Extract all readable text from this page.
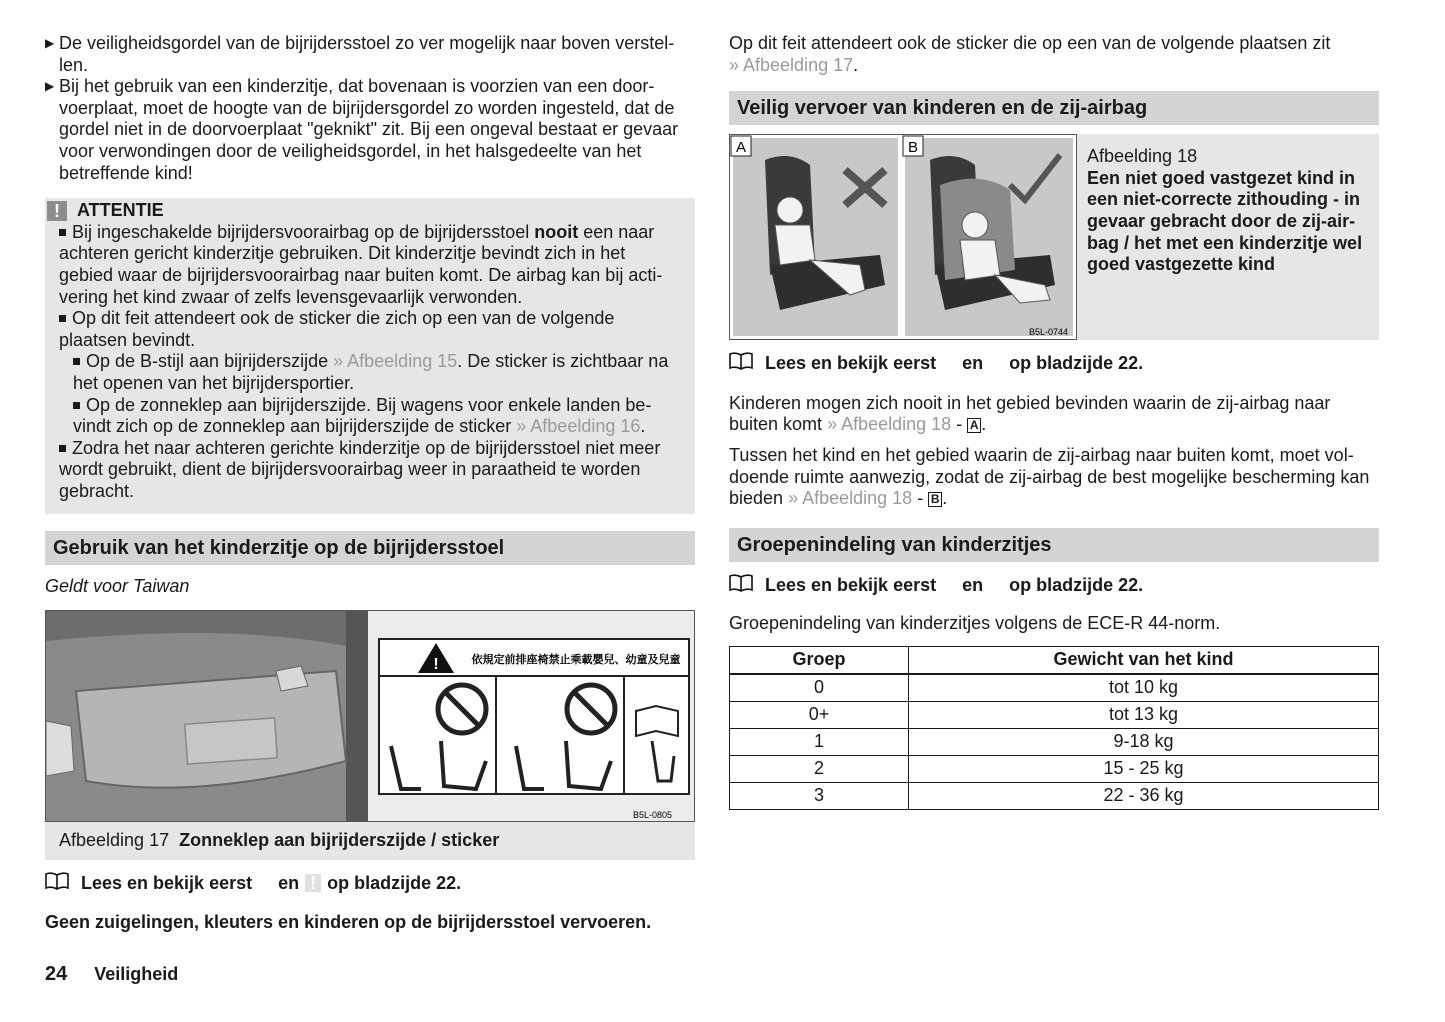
▶ De veiligheidsgordel van de bijrijdersstoel zo ver mogelijk naar boven verstel-len.

▶ Bij het gebruik van een kinderzitje, dat bovenaan is voorzien van een door-voerplaat, moet de hoogte van de bijrijdersgordel zo worden ingesteld, dat de gordel niet in de doorvoerplaat "geknikt" zit. Bij een ongeval bestaat er gevaar voor verwondingen door de veiligheidsgordel, in het halsgedeelte van het betreffende kind!

! ATTENTIE

Bij ingeschakelde bijrijdersvoorairbag op de bijrijdersstoel nooit een naar achteren gericht kinderzitje gebruiken. Dit kinderzitje bevindt zich in het gebied waar de bijrijdersvoorairbag naar buiten komt. De airbag kan bij acti-vering het kind zwaar of zelfs levensgevaarlijk verwonden.

Op dit feit attendeert ook de sticker die zich op een van de volgende plaatsen bevindt.

Op de B-stijl aan bijrijderszijde » Afbeelding 15. De sticker is zichtbaar na het openen van het bijrijdersportier.

Op de zonneklep aan bijrijderszijde. Bij wagens voor enkele landen be-vindt zich op de zonneklep aan bijrijderszijde de sticker » Afbeelding 16.

Zodra het naar achteren gerichte kinderzitje op de bijrijdersstoel niet meer wordt gebruikt, dient de bijrijdersvoorairbag weer in paraatheid te worden gebracht.

Gebruik van het kinderzitje op de bijrijdersstoel

Geldt voor Taiwan

!	依規定前排座椅禁止乘載嬰兒、幼童及兒童
B5L-0805
Afbeelding 17 Zonneklep aan bijrijderszijde / sticker
Lees en bekijk eerst en ! op bladzijde 22.

Geen zuigelingen, kleuters en kinderen op de bijrijdersstoel vervoeren.

Op dit feit attendeert ook de sticker die op een van de volgende plaatsen zit
» Afbeelding 17.

Veilig vervoer van kinderen en de zij-airbag
A	B
B5L-0744

Afbeelding 18

Een niet goed vastgezet kind in een niet-correcte zithouding - in gevaar gebracht door de zij-air-bag / het met een kinderzitje wel goed vastgezette kind

Lees en bekijk eerst en op bladzijde 22.

Kinderen mogen zich nooit in het gebied bevinden waarin de zij-airbag naar buiten komt » Afbeelding 18 - A .

Tussen het kind en het gebied waarin de zij-airbag naar buiten komt, moet vol-doende ruimte aanwezig, zodat de zij-airbag de best mogelijke bescherming kan bieden » Afbeelding 18 - B .

Groepenindeling van kinderzitjes
Lees en bekijk eerst en op bladzijde 22.

Groepenindeling van kinderzitjes volgens de ECE-R 44-norm.

Groep	Gewicht van het kind
0	tot 10 kg
0+	tot 13 kg
1	9-18 kg
2	15 - 25 kg
3	22 - 36 kg
24 Veiligheid
